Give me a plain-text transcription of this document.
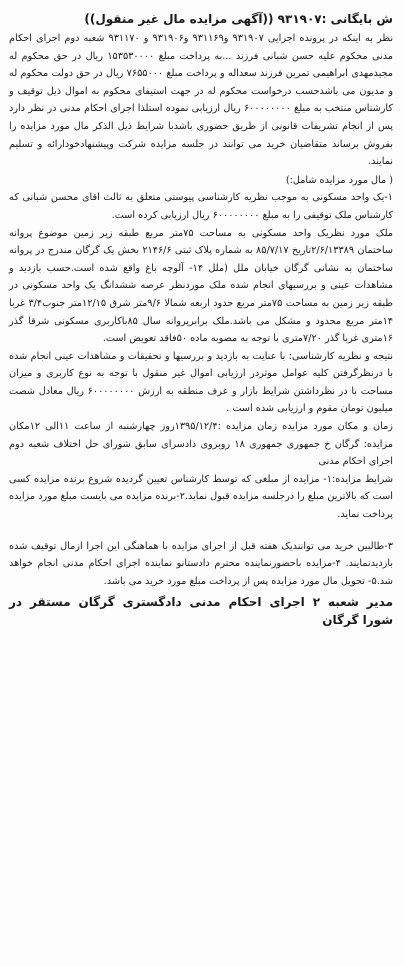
ش بایگانی :۹۳۱۹۰۷ ((آگهی مزایده مال غیر منقول))

نظر به اینکه در پرونده اجرایی ۹۳۱۹۰۷ و۹۳۱۱۶۹ و۹۳۱۹۰۶ و ۹۳۱۱۷۰ شعبه دوم اجرای احکام مدنی محکوم علیه حسن شبانی فرزند ...به پرداخت مبلغ ۱۵۳۵۳۰۰۰۰ ریال در حق محکوم له مجیدمهدی ابراهیمی تمرین فرزند سعداله و پرداخت مبلغ ۷۶۵۵۰۰۰ ریال در حق دولت محکوم له و مدیون می باشدحسب درخواست محکوم له در جهت استیفای محکوم به اموال ذیل توقیف و کارشناس منتخب به مبلغ ۶۰۰۰۰۰۰۰۰ ریال ارزیابی نموده استلذا اجرای احکام مدنی در نظر دارد پس از انجام تشریفات قانونی از طریق حضوری باشدبا شرایط ذیل الذکر مال مورد مزایده را بفروش برساند متقاضیان خرید می توانند در جلسه مزایده شرکت وپیشنهادخودارائه و تسلیم نمایند.

( مال مورد مزایده شامل:)

۱-یک واحد مسکونی به موجب نظریه کارشناسی پیوستی متعلق به ثالث اقای محسن شبانی که کارشناس ملک توقیفی را به مبلغ ۶۰۰۰۰۰۰۰۰ ریال ارزیابی کرده است.

ملک مورد نظریک واحد مسکونی به مساحت ۷۵متر مربع طبقه زیر زمین موضوع پروانه ساختمان ۲/۶/۱۳۳۸۹تاریخ ۸۵/۷/۱۷ به شماره پلاک ثبتی ۲۱۴۶/۶ بخش یک گرگان مندرج در پروانه ساختمان به نشانی گرگان خیابان ملل (ملل ۱۴- آلوچه باغ واقع شده است.حسب بازدید و مشاهدات عینی و بررسیهای انجام شده ملک موردنظر عرصه ششدانگ یک واحد مسکونی در طبقه زیر زمین به مساحت ۷۵متر مربع حدود اربعه شمالا ۹/۶متر شرق ۱۲/۱۵متر جنوب۳/۴ غربا ۱۴متر مربع محدود و مشکل می باشد.ملک برابرپروانه سال ۸۵باکاربری مسکونی شرقا گذر ۱۶متری غربا گذر ۷/۲۰متری با توجه به مصوبه ماده ۵۰فاقد تعویض است.

نتیجه و نظریه کارشناسی: با عنایت به بازدید و بررسیها و تحقیقات و مشاهدات عینی انجام شده با درنظرگرفتن کلیه عوامل موثردر ارزیابی اموال غیر منقول با توجه به نوع کاربری و میزان مساحت با در نظرداشتن شرایط بازار و عرف منطقه به ارزش ۶۰۰۰۰۰۰۰۰ ریال معادل شصت میلیون تومان مقوم و ارزیابی شده است .

زمان و مکان مورد مزایده زمان مزایده :۱۳۹۵/۱۲/۴روز چهارشنبه از ساعت ۱۱الی ۱۲مکان مزایده: گرگان خ جمهوری جمهوری ۱۸ روبروی دادسرای سابق شورای حل اختلاف شعبه دوم اجرای احکام مدنی

شرایط مزایده:۱- مزایده از مبلغی که توسط کارشناس تعیین گردیده شروع برنده مزایده کسی است که بالاترین مبلغ را درجلسه مزایده قبول نماید.۲-برنده مزایده می بایست مبلغ مورد مزایده پرداخت نماید.

۳-طالبین خرید می توانندیک هفته قبل از اجرای مزایده با هماهنگی این اجرا ازمال توقیف شده بازدیدنمایند. ۴-مزایده باحضورنماینده محترم دادستانو نماینده اجرای احکام مدنی انجام خواهد شد.۵- تحویل مال مورد مزایده پس از پرداخت مبلغ مورد خرید می باشد.

مدیر شعبه ۲ اجرای احکام مدنی دادگستری گرگان مستقر در شورا گرگان
